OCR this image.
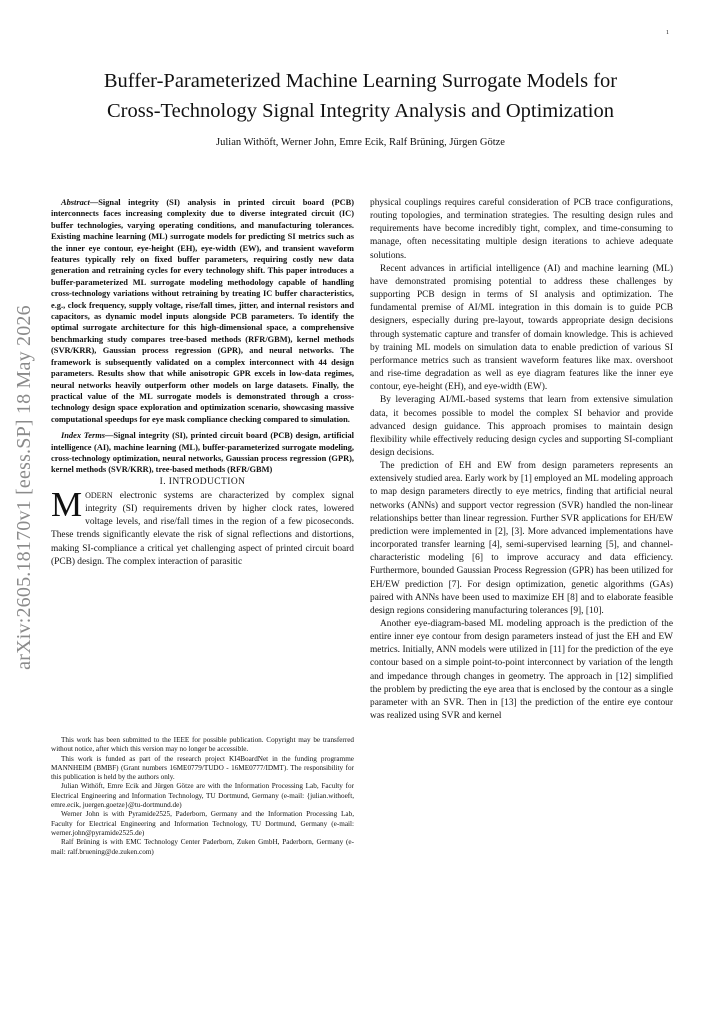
1
arXiv:2605.18170v1 [eess.SP] 18 May 2026
Buffer-Parameterized Machine Learning Surrogate Models for
Cross-Technology Signal Integrity Analysis and Optimization
Julian Withöft, Werner John, Emre Ecik, Ralf Brüning, Jürgen Götze

Abstract—Signal integrity (SI) analysis in printed circuit board (PCB) interconnects faces increasing complexity due to diverse integrated circuit (IC) buffer technologies, varying operating conditions, and manufacturing tolerances. Existing machine learning (ML) surrogate models for predicting SI metrics such as the inner eye contour, eye-height (EH), eye-width (EW), and transient waveform features typically rely on fixed buffer parameters, requiring costly new data generation and retraining cycles for every technology shift. This paper introduces a buffer-parameterized ML surrogate modeling methodology capable of handling cross-technology variations without retraining by treating IC buffer characteristics, e.g., clock frequency, supply voltage, rise/fall times, jitter, and internal resistors and capacitors, as dynamic model inputs alongside PCB parameters. To identify the optimal surrogate architecture for this high-dimensional space, a comprehensive benchmarking study compares tree-based methods (RFR/GBM), kernel methods (SVR/KRR), Gaussian process regression (GPR), and neural networks. The framework is subsequently validated on a complex interconnect with 44 design parameters. Results show that while anisotropic GPR excels in low-data regimes, neural networks heavily outperform other models on large datasets. Finally, the practical value of the ML surrogate models is demonstrated through a cross-technology design space exploration and optimization scenario, showcasing massive computational speedups for eye mask compliance checking compared to simulation.

Index Terms—Signal integrity (SI), printed circuit board (PCB) design, artificial intelligence (AI), machine learning (ML), buffer-parameterized surrogate modeling, cross-technology optimization, neural networks, Gaussian process regression (GPR), kernel methods (SVR/KRR), tree-based methods (RFR/GBM)

I. INTRODUCTION

MODERN electronic systems are characterized by complex signal integrity (SI) requirements driven by higher clock rates, lowered voltage levels, and rise/fall times in the region of a few picoseconds. These trends significantly elevate the risk of signal reflections and distortions, making SI-compliance a critical yet challenging aspect of printed circuit board (PCB) design. The complex interaction of parasitic

This work has been submitted to the IEEE for possible publication. Copyright may be transferred without notice, after which this version may no longer be accessible.

This work is funded as part of the research project KI4BoardNet in the funding programme MANNHEIM (BMBF) (Grant numbers 16ME0779/TUDO - 16ME0777/IDMT). The responsibility for this publication is held by the authors only.

Julian Withöft, Emre Ecik and Jürgen Götze are with the Information Processing Lab, Faculty for Electrical Engineering and Information Technology, TU Dortmund, Germany (e-mail: {julian.withoeft, emre.ecik, juergen.goetze}@tu-dortmund.de)

Werner John is with Pyramide2525, Paderborn, Germany and the Information Processing Lab, Faculty for Electrical Engineering and Information Technology, TU Dortmund, Germany (e-mail: werner.john@pyramide2525.de)

Ralf Brüning is with EMC Technology Center Paderborn, Zuken GmbH, Paderborn, Germany (e-mail: ralf.bruening@de.zuken.com)

physical couplings requires careful consideration of PCB trace configurations, routing topologies, and termination strategies. The resulting design rules and requirements have become incredibly tight, complex, and time-consuming to manage, often necessitating multiple design iterations to achieve adequate solutions.

Recent advances in artificial intelligence (AI) and machine learning (ML) have demonstrated promising potential to address these challenges by supporting PCB design in terms of SI analysis and optimization. The fundamental premise of AI/ML integration in this domain is to guide PCB designers, especially during pre-layout, towards appropriate design decisions through systematic capture and transfer of domain knowledge. This is achieved by training ML models on simulation data to enable prediction of various SI performance metrics such as transient waveform features like max. overshoot and rise-time degradation as well as eye diagram features like the inner eye contour, eye-height (EH), and eye-width (EW).

By leveraging AI/ML-based systems that learn from extensive simulation data, it becomes possible to model the complex SI behavior and provide advanced design guidance. This approach promises to maintain design flexibility while effectively reducing design cycles and supporting SI-compliant design decisions.

The prediction of EH and EW from design parameters represents an extensively studied area. Early work by [1] employed an ML modeling approach to map design parameters directly to eye metrics, finding that artificial neural networks (ANNs) and support vector regression (SVR) handled the non-linear relationships better than linear regression. Further SVR applications for EH/EW prediction were implemented in [2], [3]. More advanced implementations have incorporated transfer learning [4], semi-supervised learning [5], and channel-characteristic modeling [6] to improve accuracy and data efficiency. Furthermore, bounded Gaussian Process Regression (GPR) has been utilized for EH/EW prediction [7]. For design optimization, genetic algorithms (GAs) paired with ANNs have been used to maximize EH [8] and to elaborate feasible design regions considering manufacturing tolerances [9], [10].

Another eye-diagram-based ML modeling approach is the prediction of the entire inner eye contour from design parameters instead of just the EH and EW metrics. Initially, ANN models were utilized in [11] for the prediction of the eye contour based on a simple point-to-point interconnect by variation of the length and impedance through changes in geometry. The approach in [12] simplified the problem by predicting the eye area that is enclosed by the contour as a single parameter with an SVR. Then in [13] the prediction of the entire eye contour was realized using SVR and kernel
